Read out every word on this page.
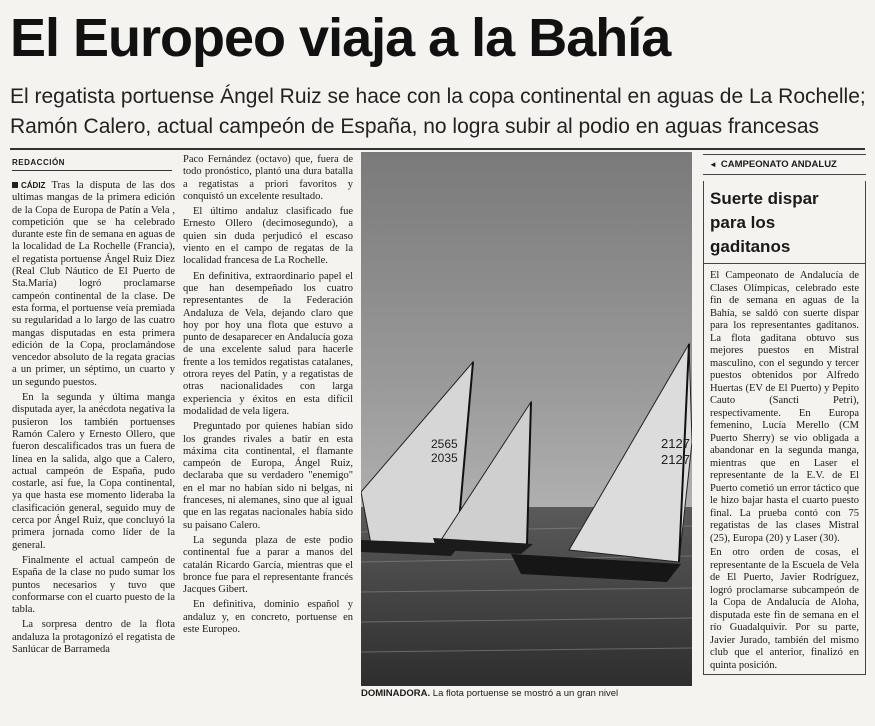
El Europeo viaja a la Bahía
El regatista portuense Ángel Ruiz se hace con la copa continental en aguas de La Rochelle;
Ramón Calero, actual campeón de España, no logra subir al podio en aguas francesas
REDACCIÓN

CÁDIZ Tras la disputa de las dos ultimas mangas de la primera edición de la Copa de Europa de Patín a Vela , competición que se ha celebrado durante este fin de semana en aguas de la localidad de La Rochelle (Francia), el regatista portuense Ángel Ruiz Diez (Real Club Náutico de El Puerto de Sta.María) logró proclamarse campeón continental de la clase. De esta forma, el portuense veía premiada su regularidad a lo largo de las cuatro mangas disputadas en esta primera edición de la Copa, proclamándose vencedor absoluto de la regata gracias a un primer, un séptimo, un cuarto y un segundo puestos.

En la segunda y última manga disputada ayer, la anécdota negativa la pusieron los también portuenses Ramón Calero y Ernesto Ollero, que fueron descalificados tras un fuera de línea en la salida, algo que a Calero, actual campeón de España, pudo costarle, así fue, la Copa continental, ya que hasta ese momento lideraba la clasificación general, seguido muy de cerca por Ángel Ruiz, que concluyó la primera jornada como líder de la general.

Finalmente el actual campeón de España de la clase no pudo sumar los puntos necesarios y tuvo que conformarse con el cuarto puesto de la tabla.

La sorpresa dentro de la flota andaluza la protagonizó el regatista de Sanlúcar de Barrameda

Paco Fernández (octavo) que, fuera de todo pronóstico, plantó una dura batalla a regatistas a priori favoritos y conquistó un excelente resultado.

El último andaluz clasificado fue Ernesto Ollero (decimosegundo), a quien sin duda perjudicó el escaso viento en el campo de regatas de la localidad francesa de La Rochelle.

En definitiva, extraordinario papel el que han desempeñado los cuatro representantes de la Federación Andaluza de Vela, dejando claro que hoy por hoy una flota que estuvo a punto de desaparecer en Andalucía goza de una excelente salud para hacerle frente a los temidos regatistas catalanes, otrora reyes del Patín, y a regatistas de otras nacionalidades con larga experiencia y éxitos en esta difícil modalidad de vela ligera.

Preguntado por quienes habían sido los grandes rivales a batir en esta máxima cita continental, el flamante campeón de Europa, Ángel Ruiz, declaraba que su verdadero "enemigo" en el mar no habían sido ni belgas, ni franceses, ni alemanes, sino que al igual que en las regatas nacionales había sido su paisano Calero.

La segunda plaza de este podio continental fue a parar a manos del catalán Ricardo García, mientras que el bronce fue para el representante francés Jacques Gibert.

En definitiva, dominio español y andaluz y, en concreto, portuense en este Europeo.

2565
2035
2127
2127
DOMINADORA. La flota portuense se mostró a un gran nivel
◄ CAMPEONATO ANDALUZ
Suerte dispar para los gaditanos

El Campeonato de Andalucía de Clases Olímpicas, celebrado este fin de semana en aguas de la Bahía, se saldó con suerte dispar para los representantes gaditanos. La flota gaditana obtuvo sus mejores puestos en Mistral masculino, con el segundo y tercer puestos obtenidos por Alfredo Huertas (EV de El Puerto) y Pepito Cauto (Sancti Petri), respectivamente. En Europa femenino, Lucía Merello (CM Puerto Sherry) se vio obligada a abandonar en la segunda manga, mientras que en Laser el representante de la E.V. de El Puerto cometió un error táctico que le hizo bajar hasta el cuarto puesto final. La prueba contó con 75 regatistas de las clases Mistral (25), Europa (20) y Laser (30).

En otro orden de cosas, el representante de la Escuela de Vela de El Puerto, Javier Rodríguez, logró proclamarse subcampeón de la Copa de Andalucía de Aloha, disputada este fin de semana en el río Guadalquivir. Por su parte, Javier Jurado, también del mismo club que el anterior, finalizó en quinta posición.
